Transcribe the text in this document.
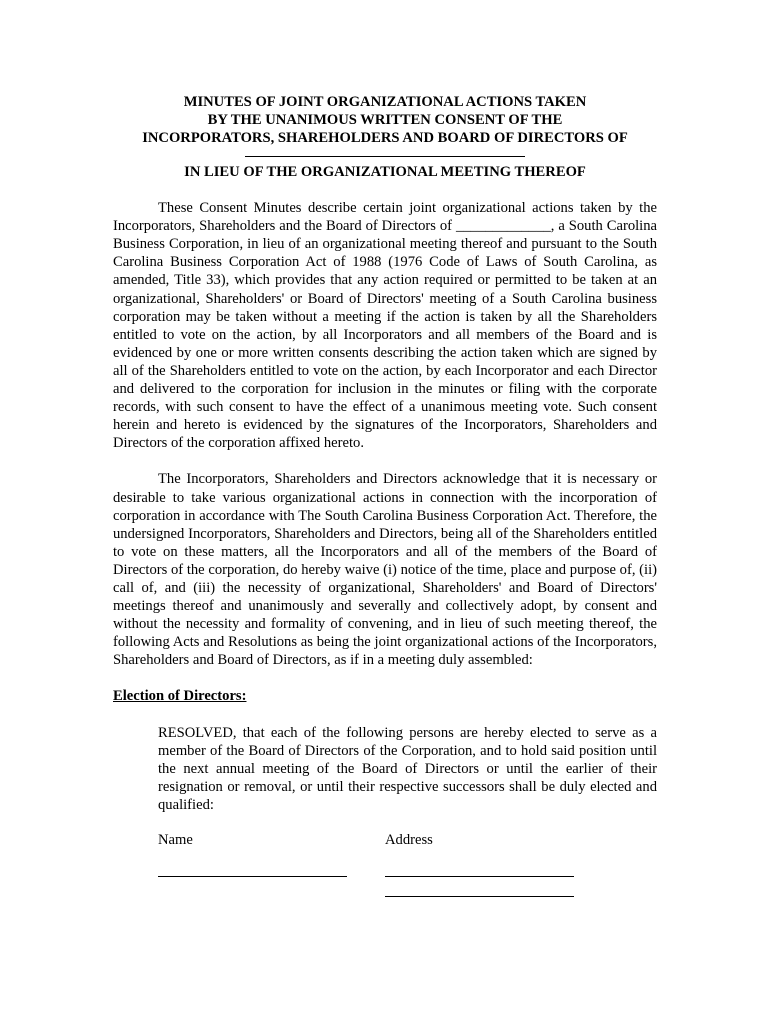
MINUTES OF JOINT ORGANIZATIONAL ACTIONS TAKEN
BY THE UNANIMOUS WRITTEN CONSENT OF THE
INCORPORATORS, SHAREHOLDERS AND BOARD OF DIRECTORS OF
IN LIEU OF THE ORGANIZATIONAL MEETING THEREOF

These Consent Minutes describe certain joint organizational actions taken by the Incorporators, Shareholders and the Board of Directors of _____________, a South Carolina Business Corporation, in lieu of an organizational meeting thereof and pursuant to the South Carolina Business Corporation Act of 1988 (1976 Code of Laws of South Carolina, as amended, Title 33), which provides that any action required or permitted to be taken at an organizational, Shareholders' or Board of Directors' meeting of a South Carolina business corporation may be taken without a meeting if the action is taken by all the Shareholders entitled to vote on the action, by all Incorporators and all members of the Board and is evidenced by one or more written consents describing the action taken which are signed by all of the Shareholders entitled to vote on the action, by each Incorporator and each Director and delivered to the corporation for inclusion in the minutes or filing with the corporate records, with such consent to have the effect of a unanimous meeting vote. Such consent herein and hereto is evidenced by the signatures of the Incorporators, Shareholders and Directors of the corporation affixed hereto.

The Incorporators, Shareholders and Directors acknowledge that it is necessary or desirable to take various organizational actions in connection with the incorporation of corporation in accordance with The South Carolina Business Corporation Act. Therefore, the undersigned Incorporators, Shareholders and Directors, being all of the Shareholders entitled to vote on these matters, all the Incorporators and all of the members of the Board of Directors of the corporation, do hereby waive (i) notice of the time, place and purpose of, (ii) call of, and (iii) the necessity of organizational, Shareholders' and Board of Directors' meetings thereof and unanimously and severally and collectively adopt, by consent and without the necessity and formality of convening, and in lieu of such meeting thereof, the following Acts and Resolutions as being the joint organizational actions of the Incorporators, Shareholders and Board of Directors, as if in a meeting duly assembled:

Election of Directors:
RESOLVED, that each of the following persons are hereby elected to serve as a member of the Board of Directors of the Corporation, and to hold said position until the next annual meeting of the Board of Directors or until the earlier of their resignation or removal, or until their respective successors shall be duly elected and qualified:
Name	Address
